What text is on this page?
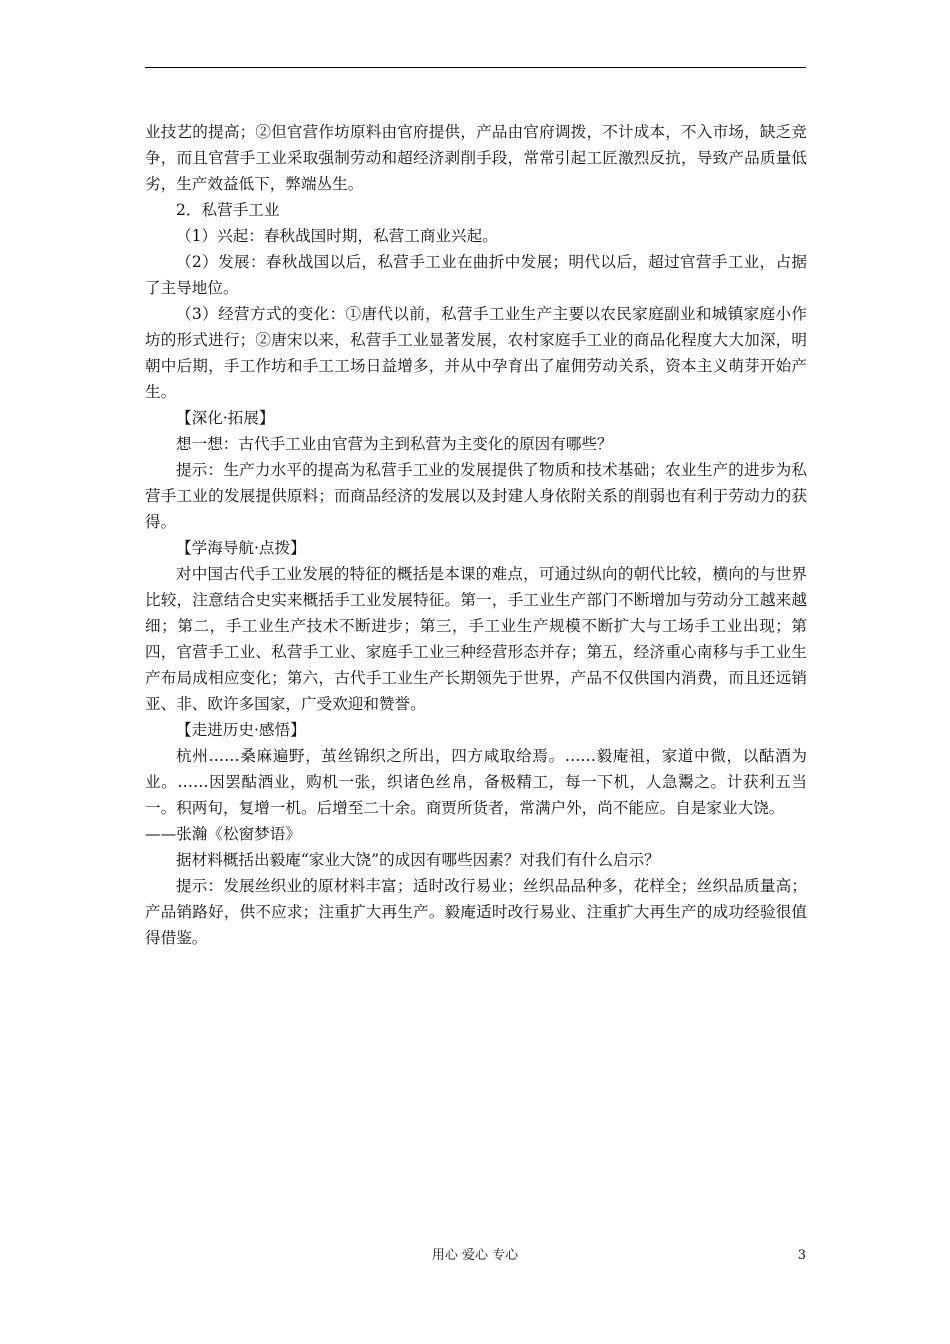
业技艺的提高；②但官营作坊原料由官府提供，产品由官府调拨，不计成本，不入市场，缺乏竞争，而且官营手工业采取强制劳动和超经济剥削手段，常常引起工匠激烈反抗，导致产品质量低劣，生产效益低下，弊端丛生。

2．私营手工业

（1）兴起：春秋战国时期，私营工商业兴起。

（2）发展：春秋战国以后，私营手工业在曲折中发展；明代以后，超过官营手工业，占据了主导地位。

（3）经营方式的变化：①唐代以前，私营手工业生产主要以农民家庭副业和城镇家庭小作坊的形式进行；②唐宋以来，私营手工业显著发展，农村家庭手工业的商品化程度大大加深，明朝中后期，手工作坊和手工工场日益增多，并从中孕育出了雇佣劳动关系，资本主义萌芽开始产生。

【深化·拓展】

想一想：古代手工业由官营为主到私营为主变化的原因有哪些？

提示：生产力水平的提高为私营手工业的发展提供了物质和技术基础；农业生产的进步为私营手工业的发展提供原料；而商品经济的发展以及封建人身依附关系的削弱也有利于劳动力的获得。

【学海导航·点拨】

对中国古代手工业发展的特征的概括是本课的难点，可通过纵向的朝代比较，横向的与世界比较，注意结合史实来概括手工业发展特征。第一，手工业生产部门不断增加与劳动分工越来越细；第二，手工业生产技术不断进步；第三，手工业生产规模不断扩大与工场手工业出现；第四，官营手工业、私营手工业、家庭手工业三种经营形态并存；第五，经济重心南移与手工业生产布局成相应变化；第六，古代手工业生产长期领先于世界，产品不仅供国内消费，而且还远销亚、非、欧许多国家，广受欢迎和赞誉。

【走进历史·感悟】

杭州……桑麻遍野，茧丝锦织之所出，四方咸取给焉。……毅庵祖，家道中微，以酤酒为业。……因罢酤酒业，购机一张，织诸色丝帛，备极精工，每一下机，人急鬻之。计获利五当一。积两旬，复增一机。后增至二十余。商贾所货者，常满户外，尚不能应。自是家业大饶。

——张瀚《松窗梦语》

据材料概括出毅庵“家业大饶”的成因有哪些因素？对我们有什么启示？

提示：发展丝织业的原材料丰富；适时改行易业；丝织品品种多，花样全；丝织品质量高；产品销路好，供不应求；注重扩大再生产。毅庵适时改行易业、注重扩大再生产的成功经验很值得借鉴。

用心 爱心 专心	3
